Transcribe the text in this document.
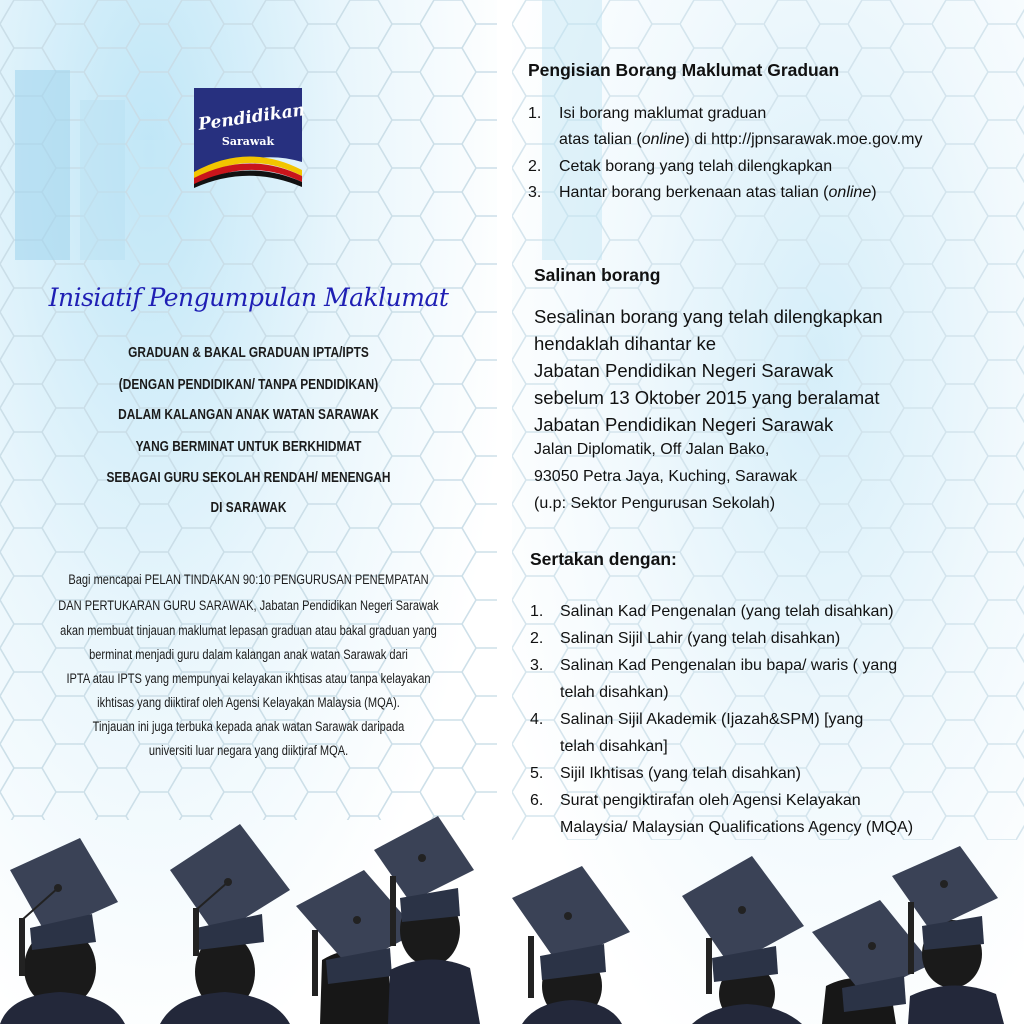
Pendidikan
Sarawak
Inisiatif Pengumpulan Maklumat
GRADUAN & BAKAL GRADUAN IPTA/IPTS
(DENGAN PENDIDIKAN/ TANPA PENDIDIKAN)
DALAM KALANGAN ANAK WATAN SARAWAK
YANG BERMINAT UNTUK BERKHIDMAT
SEBAGAI GURU SEKOLAH RENDAH/ MENENGAH
DI SARAWAK
Bagi mencapai PELAN TINDAKAN 90:10 PENGURUSAN PENEMPATAN
DAN PERTUKARAN GURU SARAWAK, Jabatan Pendidikan Negeri Sarawak
akan membuat tinjauan maklumat lepasan graduan atau bakal graduan yang
berminat menjadi guru dalam kalangan anak watan Sarawak dari
IPTA atau IPTS yang mempunyai kelayakan ikhtisas atau tanpa kelayakan
ikhtisas yang diiktiraf oleh Agensi Kelayakan Malaysia (MQA).
Tinjauan ini juga terbuka kepada anak watan Sarawak daripada
universiti luar negara yang diiktiraf MQA.
Pengisian Borang Maklumat Graduan
1. Isi borang maklumat graduan
atas talian (online) di http://jpnsarawak.moe.gov.my
2. Cetak borang yang telah dilengkapkan
3. Hantar borang berkenaan atas talian (online)
Salinan borang
Sesalinan borang yang telah dilengkapkan
hendaklah dihantar ke
Jabatan Pendidikan Negeri Sarawak
sebelum 13 Oktober 2015 yang beralamat
Jabatan Pendidikan Negeri Sarawak
Jalan Diplomatik, Off Jalan Bako,
93050 Petra Jaya, Kuching, Sarawak
(u.p: Sektor Pengurusan Sekolah)
Sertakan dengan:
1. Salinan Kad Pengenalan (yang telah disahkan)
2. Salinan Sijil Lahir (yang telah disahkan)
3. Salinan Kad Pengenalan ibu bapa/ waris ( yang
telah disahkan)
4. Salinan Sijil Akademik (Ijazah&SPM) [yang
telah disahkan]
5. Sijil Ikhtisas (yang telah disahkan)
6. Surat pengiktirafan oleh Agensi Kelayakan
Malaysia/ Malaysian Qualifications Agency (MQA)
